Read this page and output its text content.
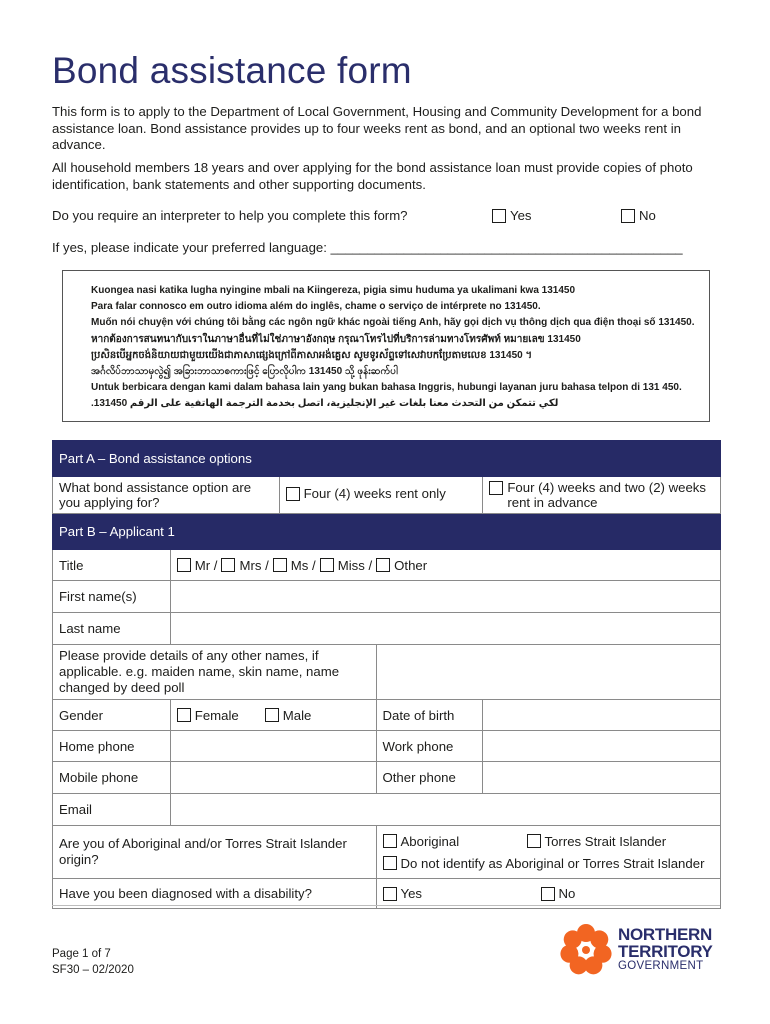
Bond assistance form

This form is to apply to the Department of Local Government, Housing and Community Development for a bond assistance loan. Bond assistance provides up to four weeks rent as bond, and an optional two weeks rent in advance.

All household members 18 years and over applying for the bond assistance loan must provide copies of photo identification, bank statements and other supporting documents.

Do you require an interpreter to help you complete this form?	Yes	No
If yes, please indicate your preferred language: ________________________________________________
Kuongea nasi katika lugha nyingine mbali na Kiingereza, pigia simu huduma ya ukalimani kwa 131450
Para falar connosco em outro idioma além do inglês, chame o serviço de intérprete no 131450.
Muốn nói chuyện với chúng tôi bằng các ngôn ngữ khác ngoài tiếng Anh, hãy gọi dịch vụ thông dịch qua điện thoại số 131450.
หากต้องการสนทนากับเราในภาษาอื่นที่ไม่ใช่ภาษาอังกฤษ กรุณาโทรไปที่บริการล่ามทางโทรศัพท์ หมายเลข 131450
ប្រសិនបើអ្នកចង់និយាយជាមួយយើងជាភាសាផ្សេងក្រៅពីភាសាអង់គ្លេស សូមទូរស័ព្ទទៅសេវាបកប្រែតាមលេខ 131450 ។
အင်္ဂလိပ်ဘာသာမှလွဲ၍ အခြားဘာသာစကားဖြင့် ပြောလိုပါက 131450 သို့ ဖုန်းဆက်ပါ
Untuk berbicara dengan kami dalam bahasa lain yang bukan bahasa Inggris, hubungi layanan juru bahasa telpon di 131 450.
لكي تتمكن من التحدث معنا بلغات غير الإنجليزية، اتصل بخدمة الترجمة الهاتفية على الرقم 131450.
Part A – Bond assistance options				
What bond assistance option are you applying for?		Four (4) weeks rent only		Four (4) weeks and two (2) weeks rent in advance

Part B – Applicant 1				
Title	Mr / Mrs / Ms / Miss / Other			

First name(s)				
Last name				
Please provide details of any other names, if applicable. e.g. maiden name, skin name, name changed by deed poll				
Gender	Female Male		Date of birth	
Home phone			Work phone	
Mobile phone			Other phone	
Email				
Are you of Aboriginal and/or Torres Strait Islander origin?			Aboriginal Torres Strait Islander
Do not identify as Aboriginal or Torres Strait Islander	

Have you been diagnosed with a disability?			Yes No	
Page 1 of 7
SF30 – 02/2020
NORTHERN
TERRITORY
GOVERNMENT
